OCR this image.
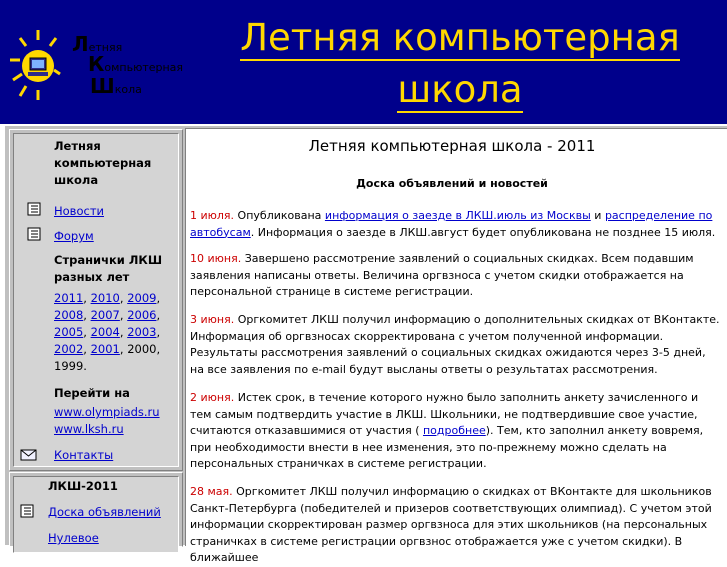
Летняя
Компьютерная
Школа
Летняя компьютерная школа
Летняя компьютерная школа
Новости
Форум
Странички ЛКШ разных лет
2011, 2010, 2009, 2008, 2007, 2006, 2005, 2004, 2003, 2002, 2001, 2000, 1999.
Перейти на
www.olympiads.ru
www.lksh.ru
Контакты
ЛКШ-2011
Доска объявлений
Нулевое
Летняя компьютерная школа - 2011
Доска объявлений и новостей
1 июля. Опубликована информация о заезде в ЛКШ.июль из Москвы и распределение по автобусам. Информация о заезде в ЛКШ.август будет опубликована не позднее 15 июля.
10 июня. Завершено рассмотрение заявлений о социальных скидках. Всем подавшим заявления написаны ответы. Величина оргвзноса с учетом скидки отображается на персональной странице в системе регистрации.
3 июня. Оргкомитет ЛКШ получил информацию о дополнительных скидках от ВКонтакте. Информация об оргвзносах скорректирована с учетом полученной информации. Результаты рассмотрения заявлений о социальных скидках ожидаются через 3-5 дней, на все заявления по e-mail будут высланы ответы о результатах рассмотрения.
2 июня. Истек срок, в течение которого нужно было заполнить анкету зачисленного и тем самым подтвердить участие в ЛКШ. Школьники, не подтвердившие свое участие, считаются отказавшимися от участия ( подробнее). Тем, кто заполнил анкету вовремя, при необходимости внести в нее изменения, это по-прежнему можно сделать на персональных страничках в системе регистрации.
28 мая. Оргкомитет ЛКШ получил информацию о скидках от ВКонтакте для школьников Санкт-Петербурга (победителей и призеров соответствующих олимпиад). С учетом этой информации скорректирован размер оргвзноса для этих школьников (на персональных страничках в системе регистрации оргвзнос отображается уже с учетом скидки). В ближайшее
